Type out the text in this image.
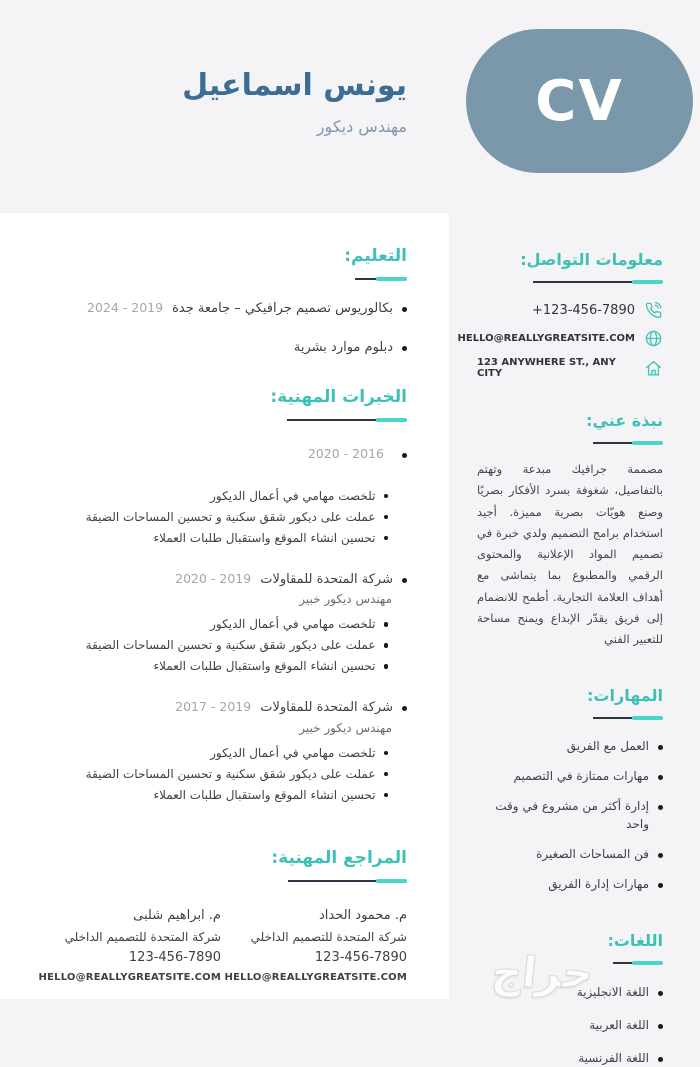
CV
يونس اسماعيل
مهندس ديكور
التعليم:
بكالوريوس تصميم جرافيكي – جامعة جدة
2024 - 2019
دبلوم موارد بشرية
الخبرات المهنية:
2020 - 2016
تلخصت مهامي في أعمال الديكور
عملت على ديكور شقق سكنية و تحسين المساحات الضيقة
تحسين انشاء الموقع واستقبال طلبات العملاء
شركة المتحدة للمقاولات
2020 - 2019
مهندس ديكور خبير
تلخصت مهامي في أعمال الديكور
عملت على ديكور شقق سكنية و تحسين المساحات الضيقة
تحسين انشاء الموقع واستقبال طلبات العملاء
شركة المتحدة للمقاولات
2017 - 2019
مهندس ديكور خبير
تلخصت مهامي في أعمال الديكور
عملت على ديكور شقق سكنية و تحسين المساحات الضيقة
تحسين انشاء الموقع واستقبال طلبات العملاء
المراجع المهنية:
م. محمود الحداد
شركة المتحدة للتصميم الداخلي
123-456-7890
HELLO@REALLYGREATSITE.COM
م. ابراهيم شلبى
شركة المتحدة للتصميم الداخلي
123-456-7890
HELLO@REALLYGREATSITE.COM
معلومات التواصل:
+123-456-7890
HELLO@REALLYGREATSITE.COM
123 ANYWHERE ST., ANY CITY
نبذة عني:

مصممة جرافيك مبدعة وتهتم بالتفاصيل، شغوفة بسرد الأفكار بصريًا وصنع هويّات بصرية مميزة. أجيد استخدام برامج التصميم ولدي خبرة في تصميم المواد الإعلانية والمحتوى الرقمي والمطبوع بما يتماشى مع أهداف العلامة التجارية. أطمح للانضمام إلى فريق يقدّر الإبداع ويمنح مساحة للتعبير الفني

المهارات:
العمل مع الفريق
مهارات ممتازة في التصميم
إدارة أكثر من مشروع في وقت واحد
فن المساحات الصغيرة
مهارات إدارة الفريق
اللغات:
اللغة الانجليزية
اللغة العربية
اللغة الفرنسية
حراج
